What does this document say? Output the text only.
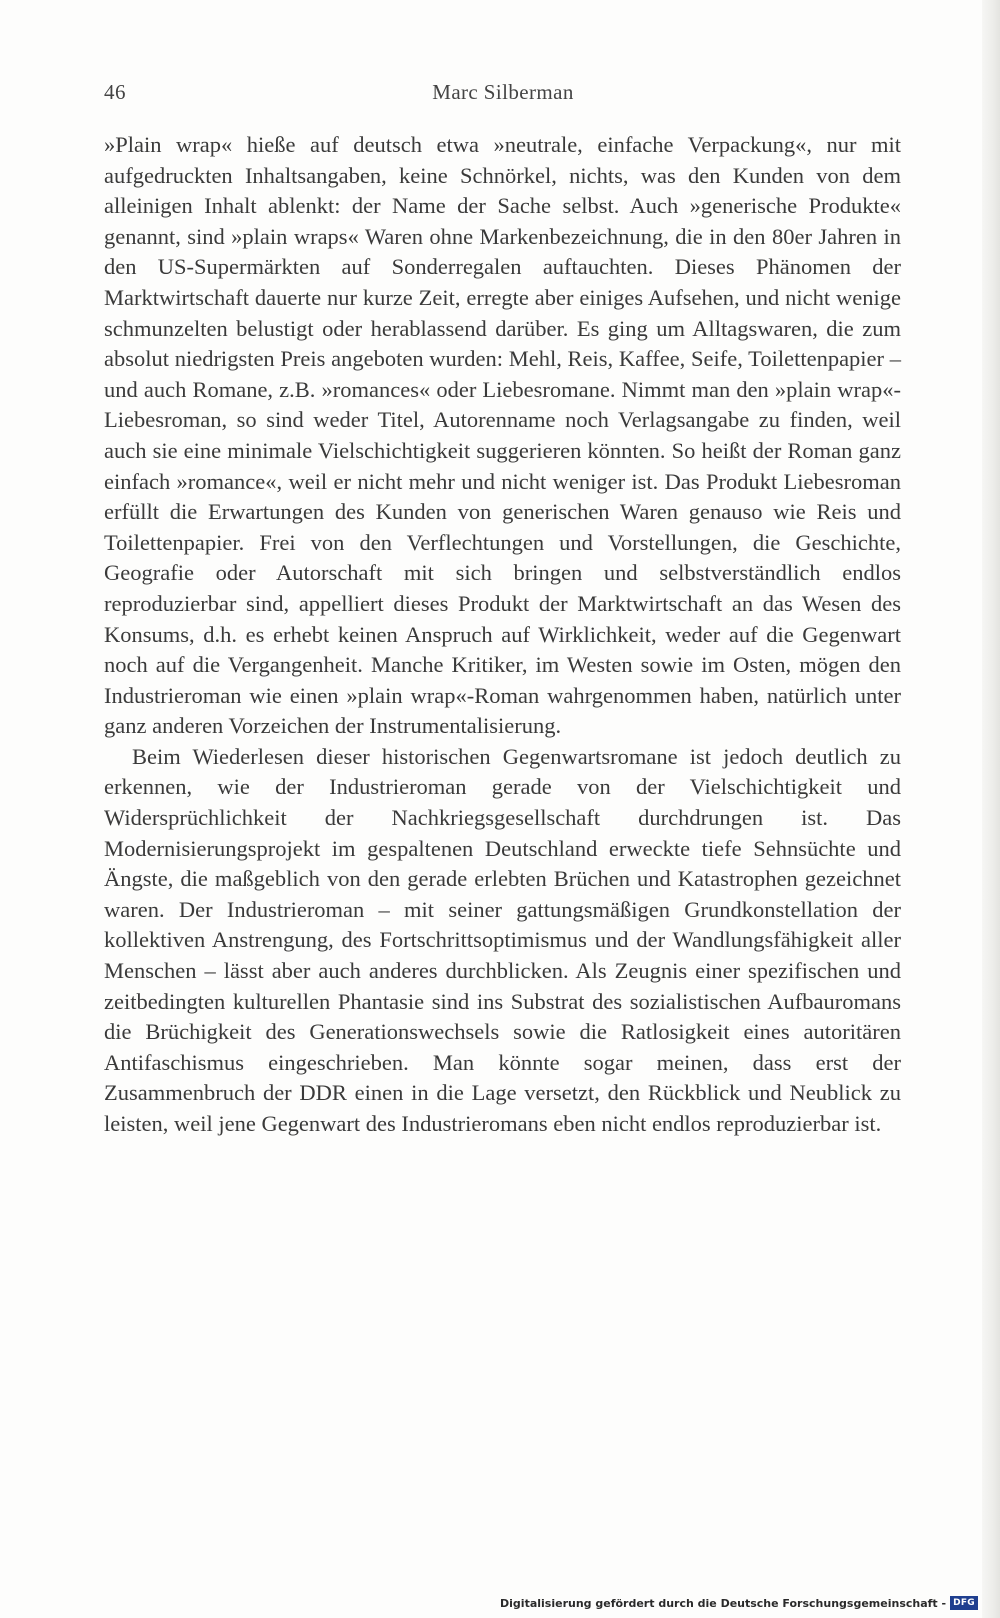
46	Marc Silberman

»Plain wrap« hieße auf deutsch etwa »neutrale, einfache Verpackung«, nur mit aufgedruckten Inhaltsangaben, keine Schnörkel, nichts, was den Kunden von dem alleinigen Inhalt ablenkt: der Name der Sache selbst. Auch »generische Produkte« genannt, sind »plain wraps« Waren ohne Markenbezeichnung, die in den 80er Jahren in den US-Supermärkten auf Sonderregalen auftauchten. Dieses Phänomen der Marktwirtschaft dauerte nur kurze Zeit, erregte aber einiges Aufsehen, und nicht wenige schmunzelten belustigt oder herablassend darüber. Es ging um Alltagswaren, die zum absolut niedrigsten Preis angeboten wurden: Mehl, Reis, Kaffee, Seife, Toilettenpapier – und auch Romane, z.B. »romances« oder Liebesromane. Nimmt man den »plain wrap«-Liebesroman, so sind weder Titel, Autorenname noch Verlagsangabe zu finden, weil auch sie eine minimale Vielschichtigkeit suggerieren könnten. So heißt der Roman ganz einfach »romance«, weil er nicht mehr und nicht weniger ist. Das Produkt Liebesroman erfüllt die Erwartungen des Kunden von generischen Waren genauso wie Reis und Toilettenpapier. Frei von den Verflechtungen und Vorstellungen, die Geschichte, Geografie oder Autorschaft mit sich bringen und selbstverständlich endlos reproduzierbar sind, appelliert dieses Produkt der Marktwirtschaft an das Wesen des Konsums, d.h. es erhebt keinen Anspruch auf Wirklichkeit, weder auf die Gegenwart noch auf die Vergangenheit. Manche Kritiker, im Westen sowie im Osten, mögen den Industrieroman wie einen »plain wrap«-Roman wahrgenommen haben, natürlich unter ganz anderen Vorzeichen der Instrumentalisierung.

Beim Wiederlesen dieser historischen Gegenwartsromane ist jedoch deutlich zu erkennen, wie der Industrieroman gerade von der Vielschichtigkeit und Widersprüchlichkeit der Nachkriegsgesellschaft durchdrungen ist. Das Modernisierungsprojekt im gespaltenen Deutschland erweckte tiefe Sehnsüchte und Ängste, die maßgeblich von den gerade erlebten Brüchen und Katastrophen gezeichnet waren. Der Industrieroman – mit seiner gattungsmäßigen Grundkonstellation der kollektiven Anstrengung, des Fortschrittsoptimismus und der Wandlungsfähigkeit aller Menschen – lässt aber auch anderes durchblicken. Als Zeugnis einer spezifischen und zeitbedingten kulturellen Phantasie sind ins Substrat des sozialistischen Aufbauromans die Brüchigkeit des Generationswechsels sowie die Ratlosigkeit eines autoritären Antifaschismus eingeschrieben. Man könnte sogar meinen, dass erst der Zusammenbruch der DDR einen in die Lage versetzt, den Rückblick und Neublick zu leisten, weil jene Gegenwart des Industrieromans eben nicht endlos reproduzierbar ist.

Digitalisierung gefördert durch die Deutsche Forschungsgemeinschaft - DFG
